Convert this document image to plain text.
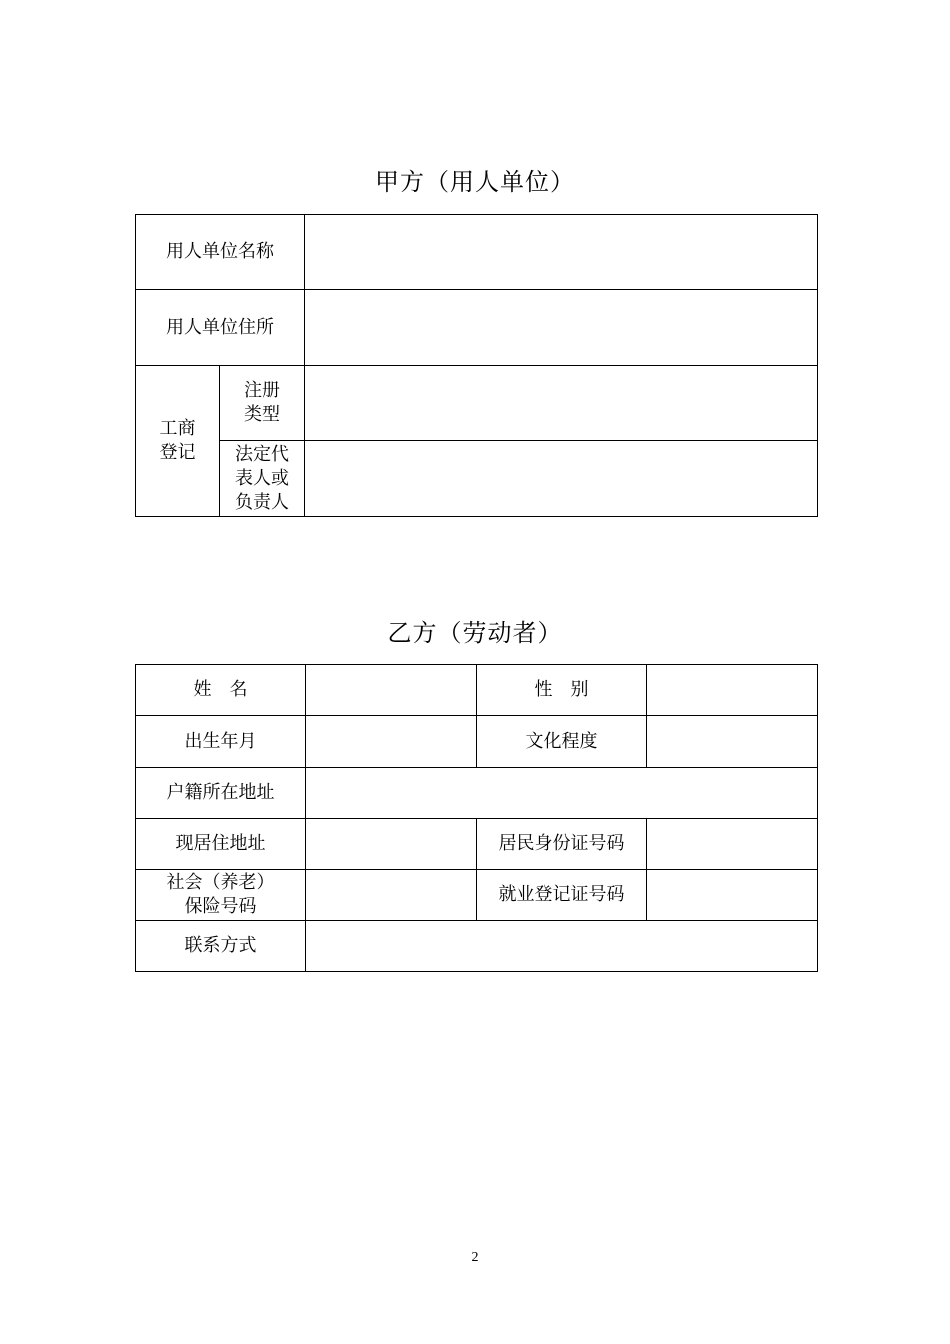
甲方（用人单位）
用人单位名称		
用人单位住所		
工商登记	注册类型	
	法定代表人或负责人	
乙方（劳动者）
姓　名		性　别	
出生年月		文化程度	
户籍所在地址			
现居住地址		居民身份证号码	

社会（养老）
保险号码		就业登记证号码	
联系方式			
2
